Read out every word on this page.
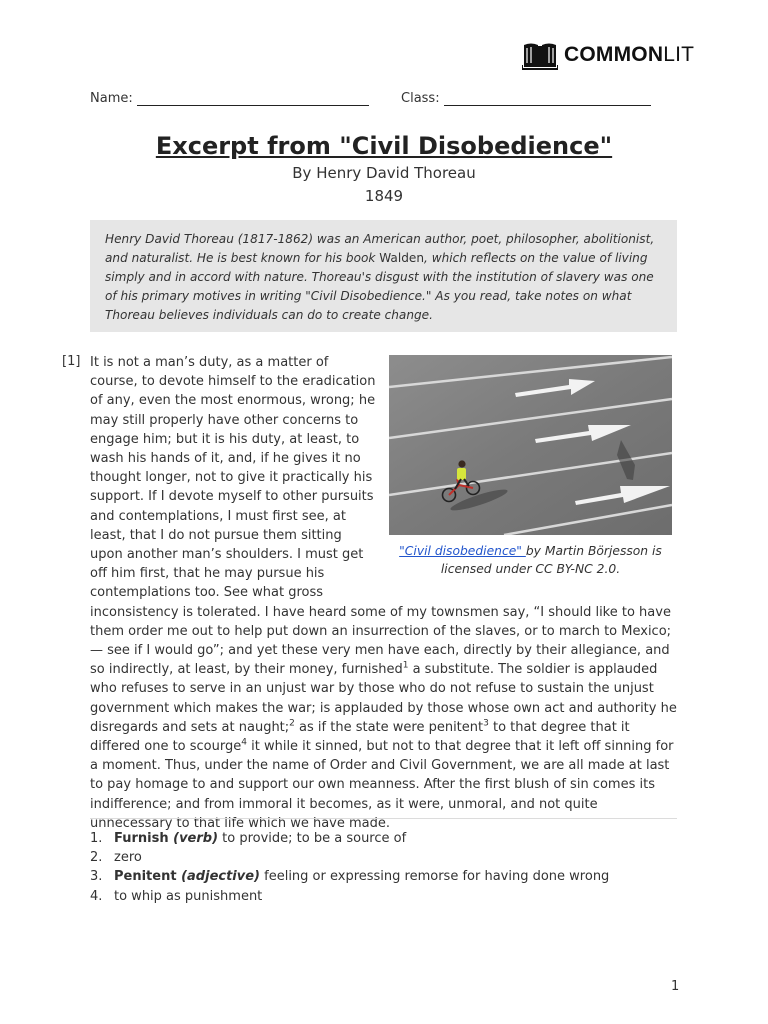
COMMONLIT
Name:	Class:
Excerpt from "Civil Disobedience"
By Henry David Thoreau
1849
Henry David Thoreau (1817-1862) was an American author, poet, philosopher, abolitionist, and naturalist. He is best known for his book Walden, which reflects on the value of living simply and in accord with nature. Thoreau's disgust with the institution of slavery was one of his primary motives in writing "Civil Disobedience." As you read, take notes on what Thoreau believes individuals can do to create change.
[1] It is not a man’s duty, as a matter of course, to devote himself to the eradication of any, even the most enormous, wrong; he may still properly have other concerns to engage him; but it is his duty, at least, to wash his hands of it, and, if he gives it no thought longer, not to give it practically his support. If I devote myself to other pursuits and contemplations, I must first see, at least, that I do not pursue them sitting upon another man’s shoulders. I must get off him first, that he may pursue his contemplations too. See what gross inconsistency is tolerated. I have heard some of my townsmen say, “I should like to have them order me out to help put down an insurrection of the slaves, or to march to Mexico; — see if I would go”; and yet these very men have each, directly by their allegiance, and so indirectly, at least, by their money, furnished$^1$ a substitute. The soldier is applauded who refuses to serve in an unjust war by those who do not refuse to sustain the unjust government which makes the war; is applauded by those whose own act and authority he disregards and sets at naught;$^2$ as if the state were penitent$^3$ to that degree that it differed one to scourge$^4$ it while it sinned, but not to that degree that it left off sinning for a moment. Thus, under the name of Order and Civil Government, we are all made at last to pay homage to and support our own meanness. After the first blush of sin comes its indifference; and from immoral it becomes, as it were, unmoral, and not quite unnecessary to that life which we have made.
"Civil disobedience" by Martin Börjesson is licensed under CC BY-NC 2.0.
1. Furnish (verb) to provide; to be a source of
2. zero
3. Penitent (adjective) feeling or expressing remorse for having done wrong
4. to whip as punishment
1
